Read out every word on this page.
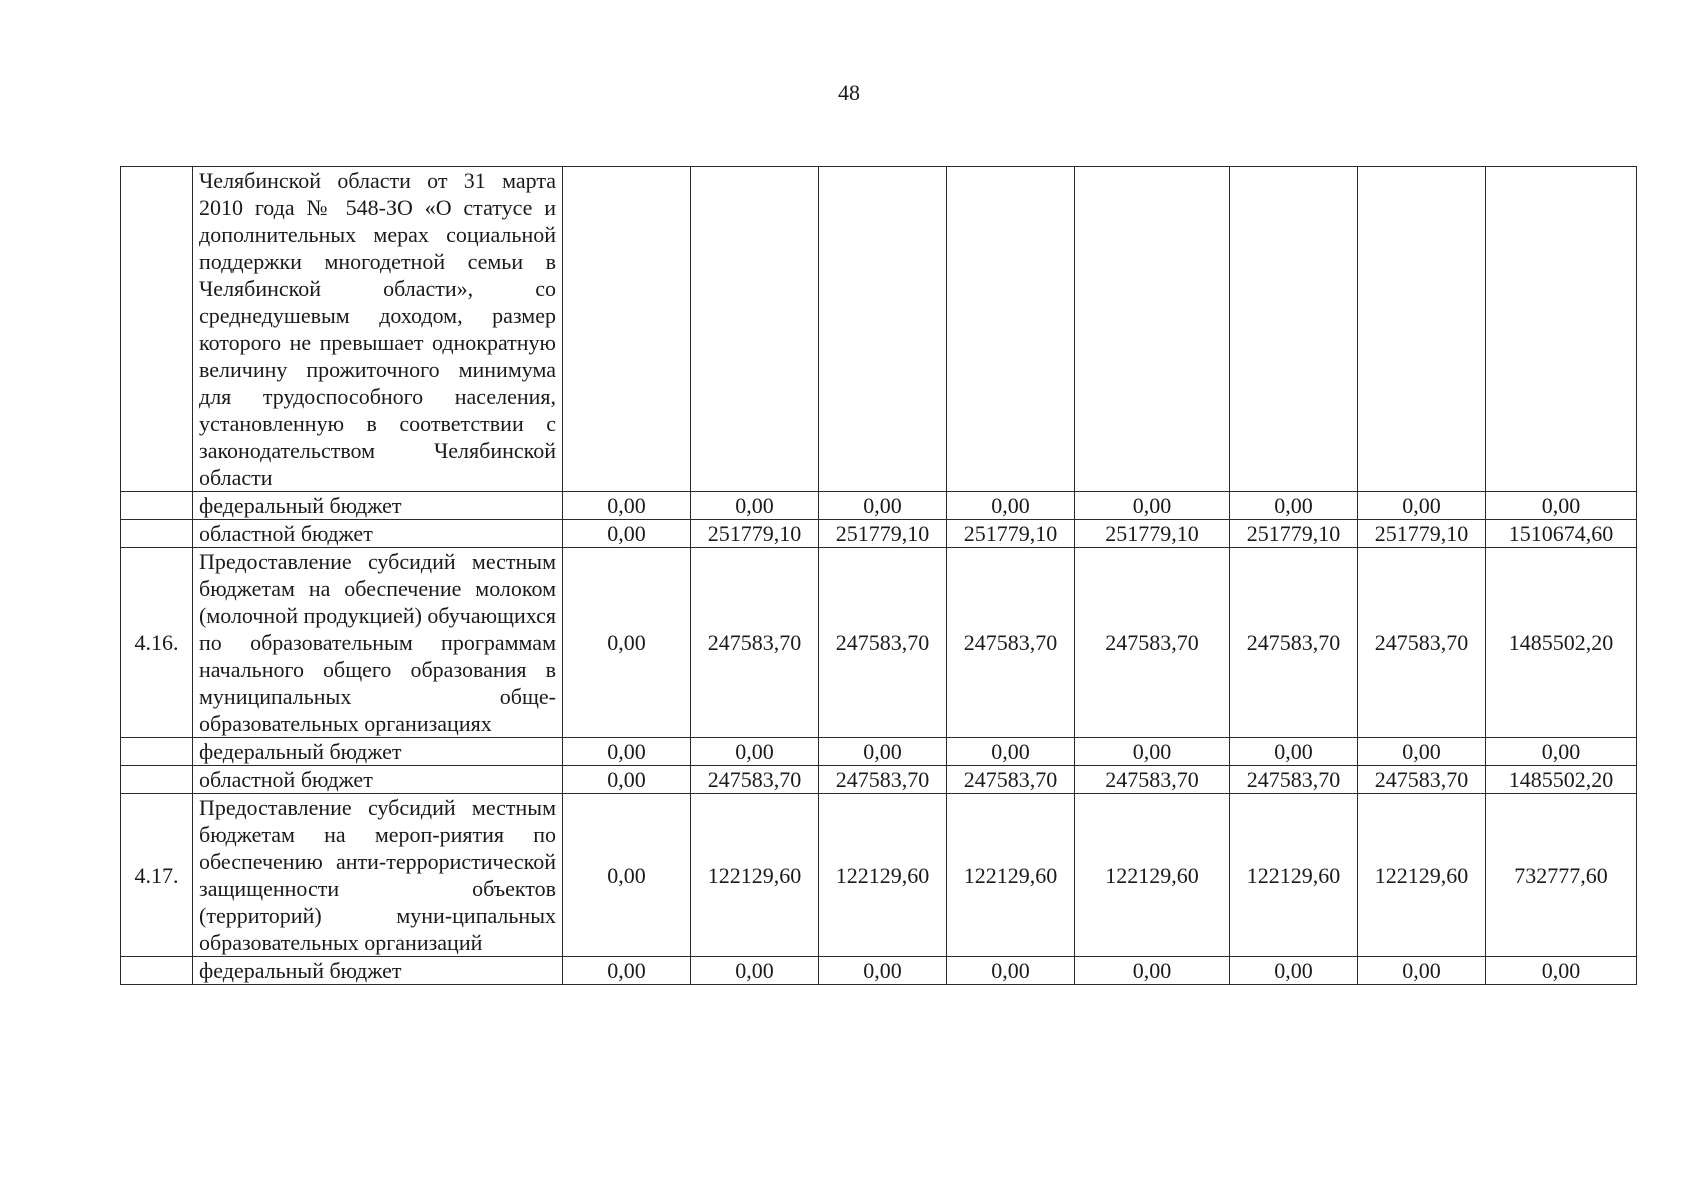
48
	Челябинской области от 31 марта 2010 года № 548-ЗО «О статусе и дополнительных мерах социальной поддержки многодетной семьи в Челябинской области», со среднедушевым доходом, размер которого не превышает однократную величину прожиточного минимума для трудоспособного населения, установленную в соответствии с законодательством Челябинской области								
	федеральный бюджет	0,00	0,00	0,00	0,00	0,00	0,00	0,00	0,00
	областной бюджет	0,00	251779,10	251779,10	251779,10	251779,10	251779,10	251779,10	1510674,60
4.16.	Предоставление субсидий местным бюджетам на обеспечение молоком (молочной продукцией) обучающихся по образовательным программам начального общего образования в муниципальных обще-образовательных организациях	0,00	247583,70	247583,70	247583,70	247583,70	247583,70	247583,70	1485502,20
	федеральный бюджет	0,00	0,00	0,00	0,00	0,00	0,00	0,00	0,00
	областной бюджет	0,00	247583,70	247583,70	247583,70	247583,70	247583,70	247583,70	1485502,20
4.17.	Предоставление субсидий местным бюджетам на мероп-риятия по обеспечению анти-террористической защищенности объектов (территорий) муни-ципальных образовательных организаций	0,00	122129,60	122129,60	122129,60	122129,60	122129,60	122129,60	732777,60
	федеральный бюджет	0,00	0,00	0,00	0,00	0,00	0,00	0,00	0,00
